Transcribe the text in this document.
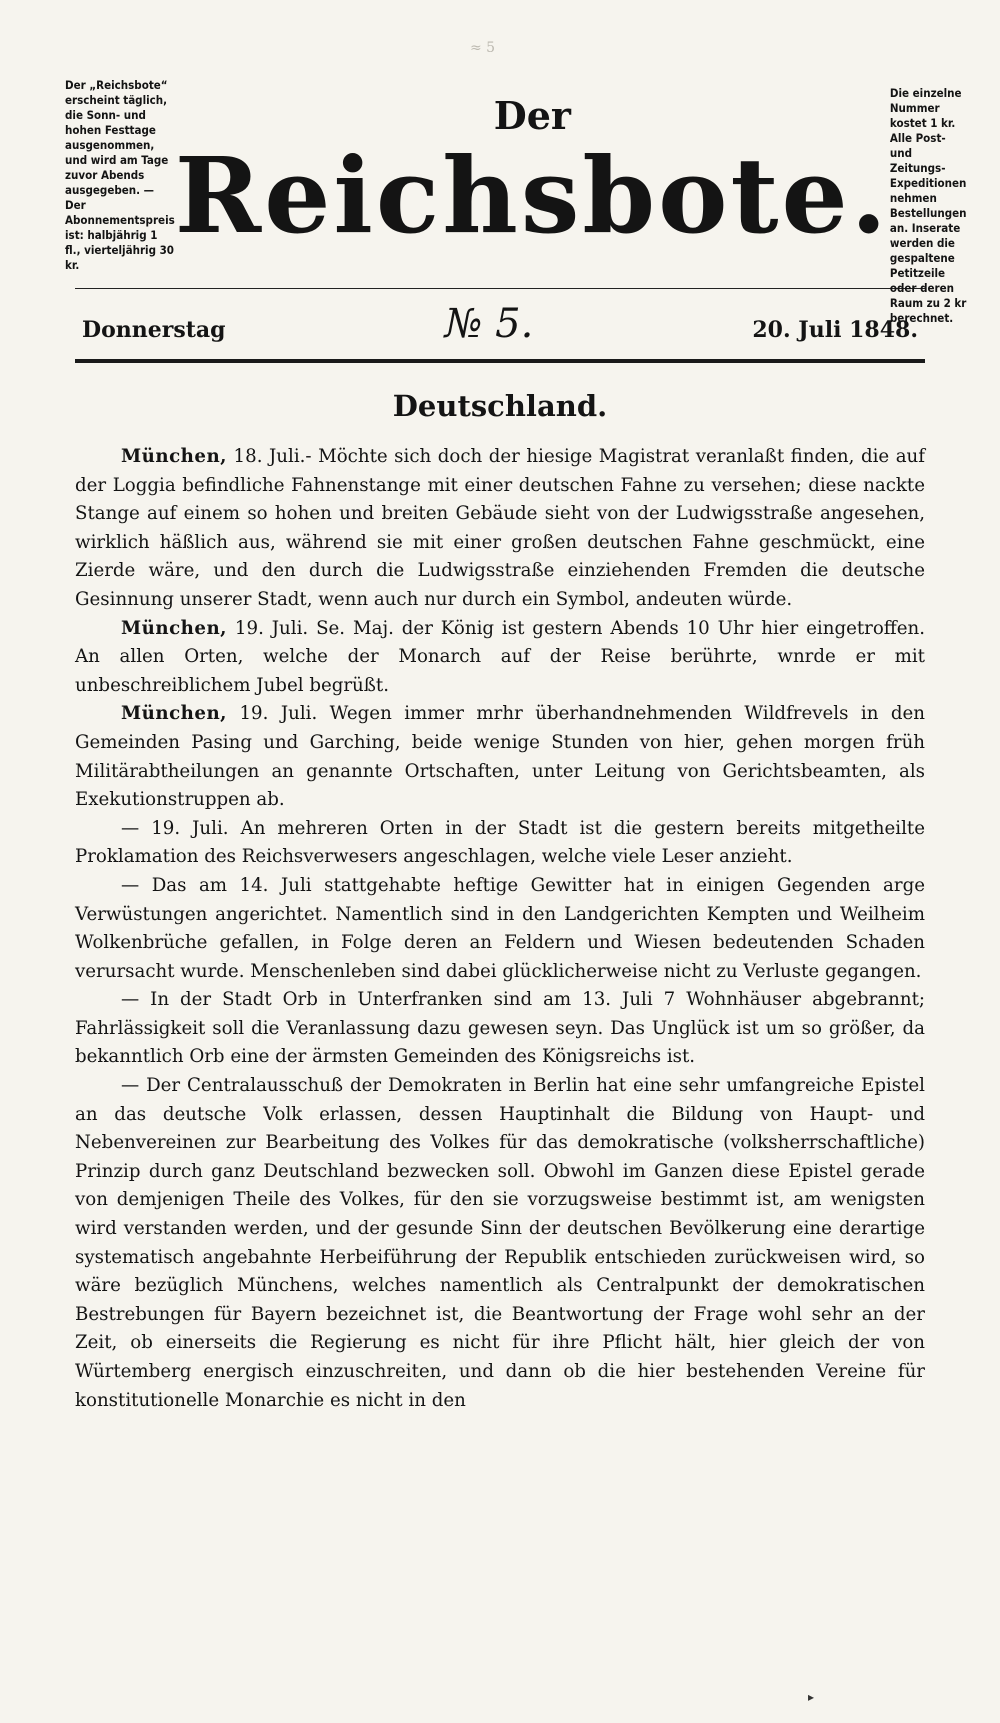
≈ 5
Der „Reichsbote“ erscheint täglich, die Sonn- und hohen Festtage ausgenommen, und wird am Tage zuvor Abends ausgegeben. — Der Abonnementspreis ist: halbjährig 1 fl., vierteljährig 30 kr.
Der
Reichsbote.
Die einzelne Nummer kostet 1 kr. Alle Post- und Zeitungs-Expeditionen nehmen Bestellungen an. Inserate werden die gespaltene Petitzeile oder deren Raum zu 2 kr berechnet.
Donnerstag	№ 5.	20. Juli 1848.
Deutschland.

München, 18. Juli.- Möchte sich doch der hiesige Magistrat veranlaßt finden, die auf der Loggia befindliche Fahnenstange mit einer deutschen Fahne zu versehen; diese nackte Stange auf einem so hohen und breiten Gebäude sieht von der Ludwigsstraße angesehen, wirklich häßlich aus, während sie mit einer großen deutschen Fahne geschmückt, eine Zierde wäre, und den durch die Ludwigsstraße einziehenden Fremden die deutsche Gesinnung unserer Stadt, wenn auch nur durch ein Symbol, andeuten würde.

München, 19. Juli. Se. Maj. der König ist gestern Abends 10 Uhr hier eingetroffen. An allen Orten, welche der Monarch auf der Reise berührte, wnrde er mit unbeschreiblichem Jubel begrüßt.

München, 19. Juli. Wegen immer mrhr überhandnehmenden Wildfrevels in den Gemeinden Pasing und Garching, beide wenige Stunden von hier, gehen morgen früh Militärabtheilungen an genannte Ortschaften, unter Leitung von Gerichtsbeamten, als Exekutionstruppen ab.

— 19. Juli. An mehreren Orten in der Stadt ist die gestern bereits mitgetheilte Proklamation des Reichsverwesers angeschlagen, welche viele Leser anzieht.

— Das am 14. Juli stattgehabte heftige Gewitter hat in einigen Gegenden arge Verwüstungen angerichtet. Namentlich sind in den Landgerichten Kempten und Weilheim Wolkenbrüche gefallen, in Folge deren an Feldern und Wiesen bedeutenden Schaden verursacht wurde. Menschenleben sind dabei glücklicherweise nicht zu Verluste gegangen.

— In der Stadt Orb in Unterfranken sind am 13. Juli 7 Wohnhäuser abgebrannt; Fahrlässigkeit soll die Veranlassung dazu gewesen seyn. Das Unglück ist um so größer, da bekanntlich Orb eine der ärmsten Gemeinden des Königsreichs ist.

— Der Centralausschuß der Demokraten in Berlin hat eine sehr umfangreiche Epistel an das deutsche Volk erlassen, dessen Hauptinhalt die Bildung von Haupt- und Nebenvereinen zur Bearbeitung des Volkes für das demokratische (volksherrschaftliche) Prinzip durch ganz Deutschland bezwecken soll. Obwohl im Ganzen diese Epistel gerade von demjenigen Theile des Volkes, für den sie vorzugsweise bestimmt ist, am wenigsten wird verstanden werden, und der gesunde Sinn der deutschen Bevölkerung eine derartige systematisch angebahnte Herbeiführung der Republik entschieden zurückweisen wird, so wäre bezüglich Münchens, welches namentlich als Centralpunkt der demokratischen Bestrebungen für Bayern bezeichnet ist, die Beantwortung der Frage wohl sehr an der Zeit, ob einerseits die Regierung es nicht für ihre Pflicht hält, hier gleich der von Würtemberg energisch einzuschreiten, und dann ob die hier bestehenden Vereine für konstitutionelle Monarchie es nicht in den

▸
